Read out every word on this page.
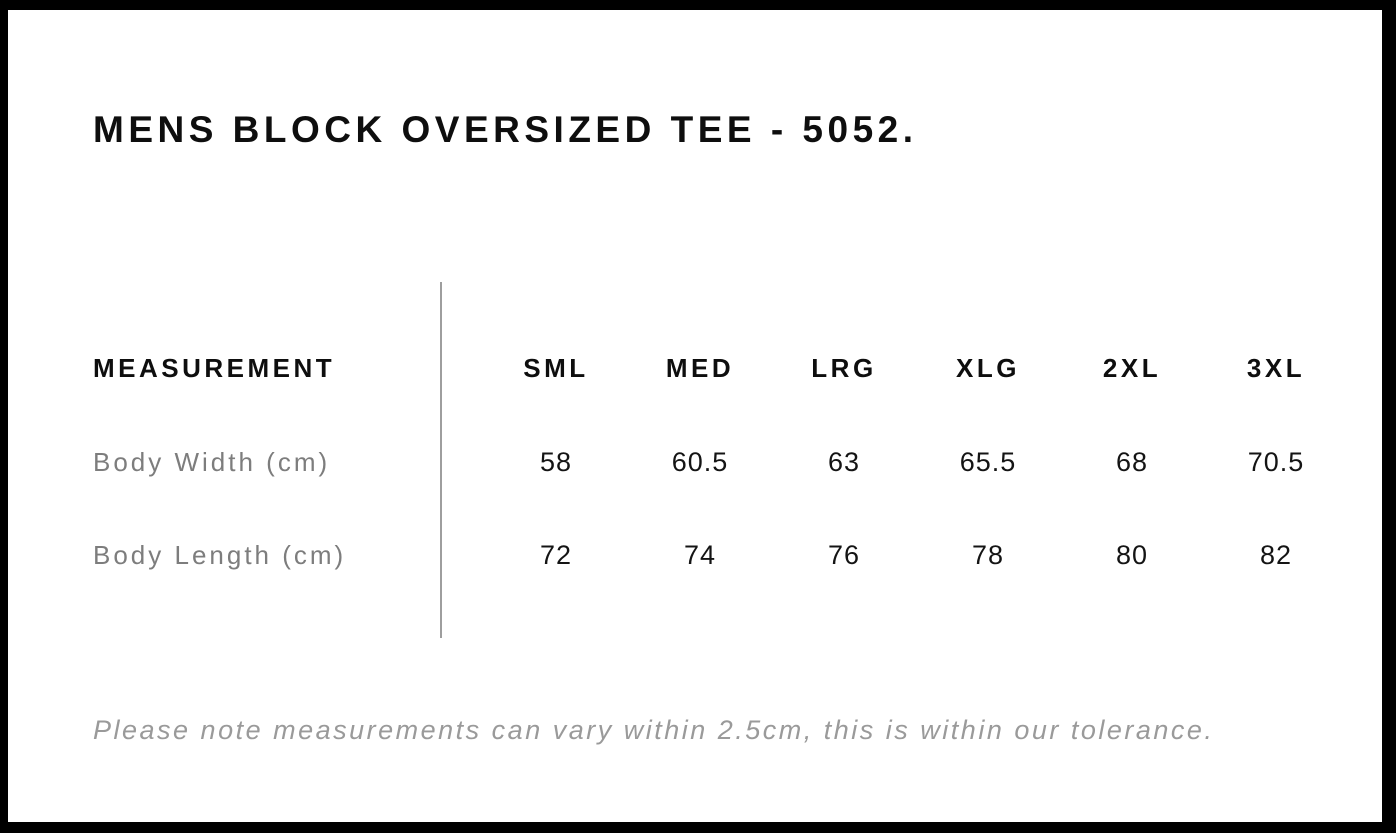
MENS BLOCK OVERSIZED TEE - 5052.
MEASUREMENT	SML	MED	LRG	XLG	2XL	3XL
Body Width (cm)	58	60.5	63	65.5	68	70.5
Body Length (cm)	72	74	76	78	80	82

Please note measurements can vary within 2.5cm, this is within our tolerance.
